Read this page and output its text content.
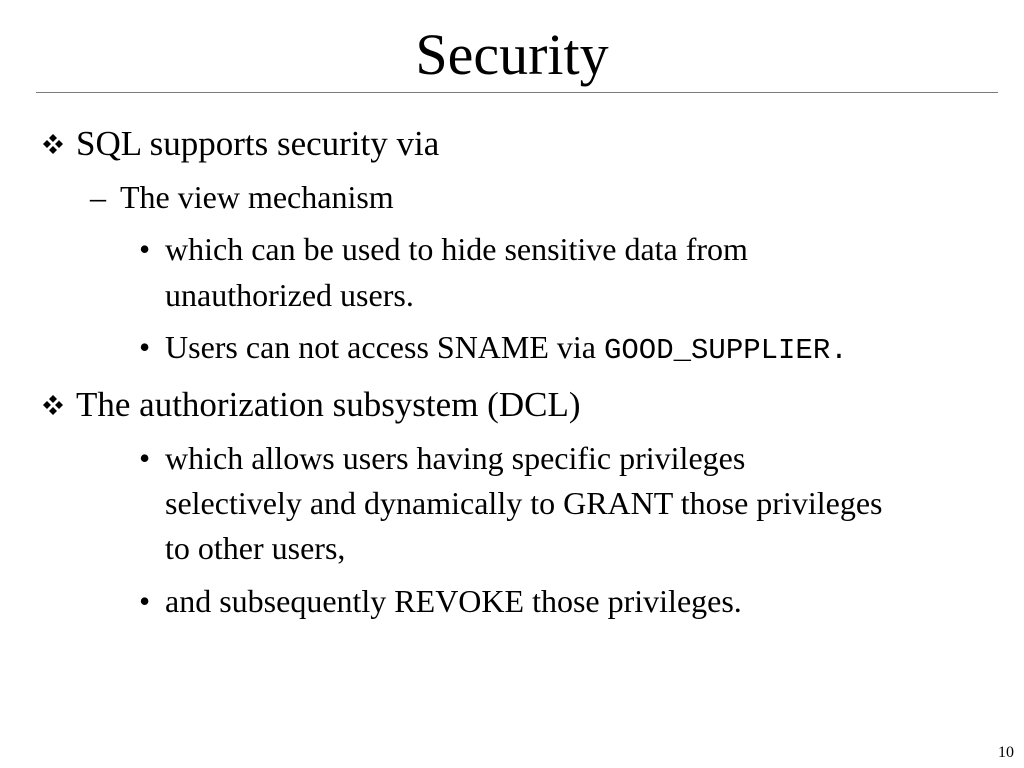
Security
SQL supports security via
– The view mechanism
• which can be used to hide sensitive data from
unauthorized users.
• Users can not access SNAME via GOOD_SUPPLIER.
The authorization subsystem (DCL)
• which allows users having specific privileges
selectively and dynamically to GRANT those privileges
to other users,
• and subsequently REVOKE those privileges.
10
